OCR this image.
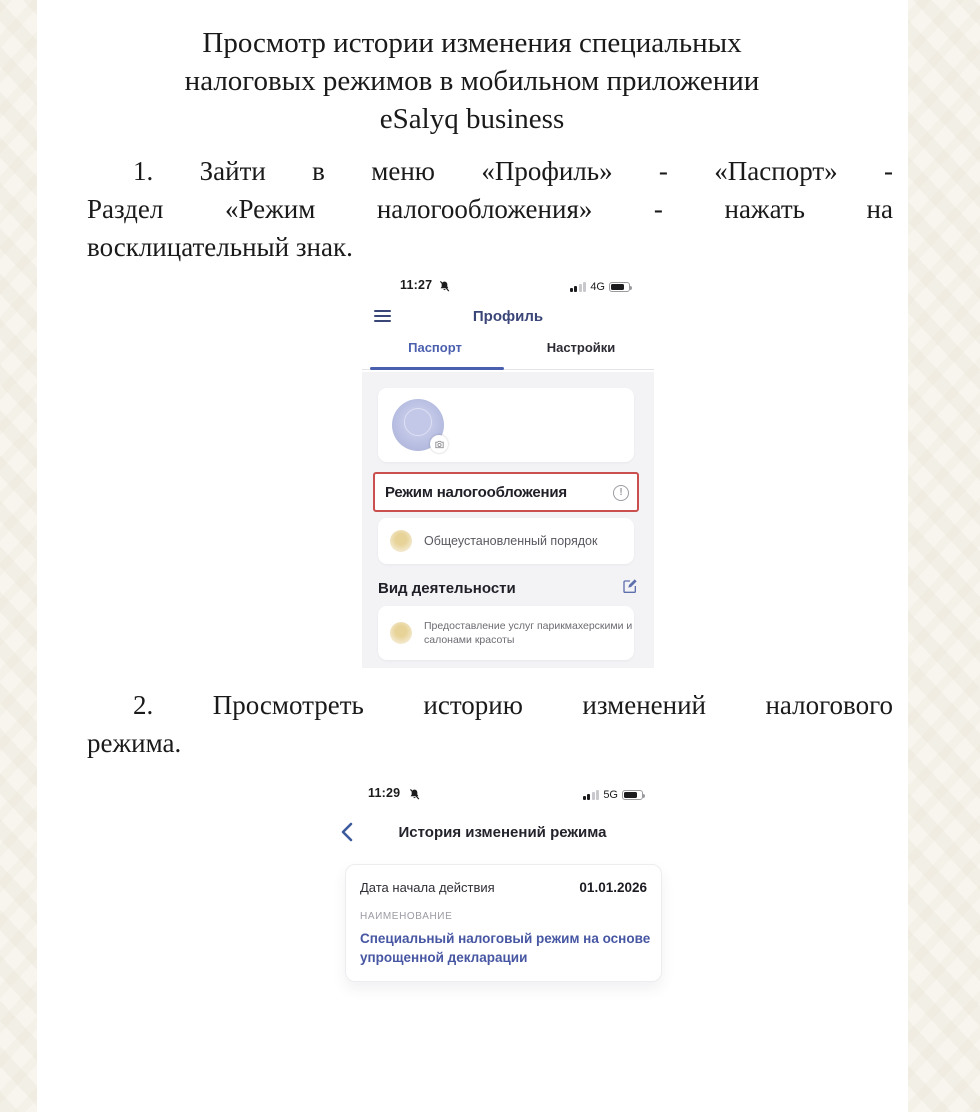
Просмотр истории изменения специальных
налоговых режимов в мобильном приложении
eSalyq business
1. Зайти в меню «Профиль» - «Паспорт» -
Раздел «Режим налогообложения» - нажать на
восклицательный знак.
11:27	4G
Профиль
Паспорт	Настройки
Режим налогообложения	!
Общеустановленный порядок
Вид деятельности
Предоставление услуг парикмахерскими и салонами красоты
2. Просмотреть историю изменений налогового
режима.
11:29	5G
История изменений режима
Дата начала действия	01.01.2026
НАИМЕНОВАНИЕ
Специальный налоговый режим на основе упрощенной декларации
